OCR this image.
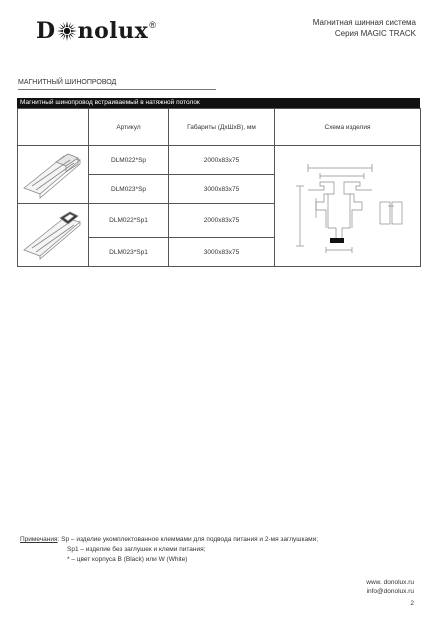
D nolux®	Магнитная шинная система
Серия MAGIC TRACK
МАГНИТНЫЙ ШИНОПРОВОД
Магнитный шинопровод встраиваемый в натяжной потолок
	Артикул	Габариты (ДхШхВ), мм	Схема изделия
	DLM022*Sp	2000x83x75	
	DLM023*Sp	3000x83x75	
	DLM022*Sp1	2000x83x75	
	DLM023*Sp1	3000x83x75	
Примечания: Sp – изделие укомплектованное клеммами для подвода питания и 2-мя заглушками;
Sp1 – изделие без заглушек и клеми питания;
* – цвет корпуса B (Black) или W (White)
www. donolux.ru
info@donolux.ru
2
